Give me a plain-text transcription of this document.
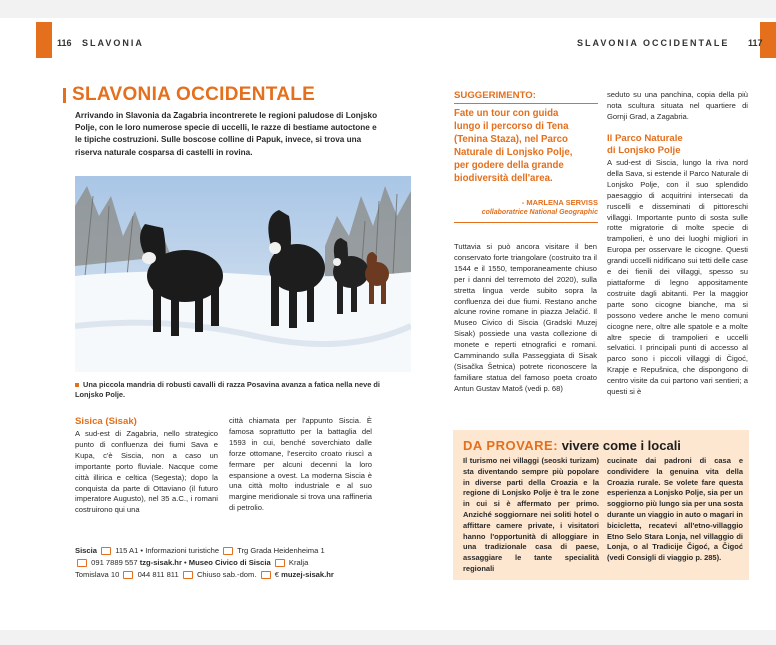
116 SLAVONIA	SLAVONIA OCCIDENTALE 117
SLAVONIA OCCIDENTALE
Arrivando in Slavonia da Zagabria incontrerete le regioni paludose di Lonjsko Polje, con le loro numerose specie di uccelli, le razze di bestiame autoctone e le tipiche costruzioni. Sulle boscose colline di Papuk, invece, si trova una riserva naturale cosparsa di castelli in rovina.
Una piccola mandria di robusti cavalli di razza Posavina avanza a fatica nella neve di Lonjsko Polje.
Sisica (Sisak)
A sud-est di Zagabria, nello strategico punto di confluenza dei fiumi Sava e Kupa, c'è Siscia, non a caso un importante porto fluviale. Nacque come città illirica e celtica (Segesta); dopo la conquista da parte di Ottaviano (il futuro imperatore Augusto), nel 35 a.C., i romani costruirono qui una
città chiamata per l'appunto Siscia. È famosa soprattutto per la battaglia del 1593 in cui, benché soverchiato dalle forze ottomane, l'esercito croato riuscì a fermare per alcuni decenni la loro espansione a ovest. La moderna Siscia è una città molto industriale e al suo margine meridionale si trova una raffineria di petrolio.
Siscia 115 A1 • Informazioni turistiche Trg Grada Heidenheima 1
091 7889 557 tzg-sisak.hr • Museo Civico di Siscia Kralja
Tomislava 10 044 811 811 Chiuso sab.-dom. € muzej-sisak.hr
SUGGERIMENTO:
Fate un tour con guida
lungo il percorso di Tena
(Tenina Staza), nel Parco
Naturale di Lonjsko Polje,
per godere della grande
biodiversità dell'area.
- MARLENA SERVISS
collaboratrice National Geographic
Tuttavia si può ancora visitare il ben conservato forte triangolare (costruito tra il 1544 e il 1550, temporaneamente chiuso per i danni del terremoto del 2020), sulla stretta lingua verde subito sopra la confluenza dei due fiumi. Restano anche alcune rovine romane in piazza Jelačić. Il Museo Civico di Siscia (Gradski Muzej Sisak) possiede una vasta collezione di monete e reperti etnografici e romani. Camminando sulla Passeggiata di Sisak (Sisačka Šetnica) potrete riconoscere la familiare statua del famoso poeta croato Antun Gustav Matoš (vedi p. 68)
seduto su una panchina, copia della più nota scultura situata nel quartiere di Gornji Grad, a Zagabria.
Il Parco Naturale
di Lonjsko Polje
A sud-est di Siscia, lungo la riva nord della Sava, si estende il Parco Naturale di Lonjsko Polje, con il suo splendido paesaggio di acquitrini intersecati da ruscelli e disseminati di pittoreschi villaggi. Importante punto di sosta sulle rotte migratorie di molte specie di trampolieri, è uno dei luoghi migliori in Europa per osservare le cicogne. Questi grandi uccelli nidificano sui tetti delle case e dei fienili dei villaggi, spesso su piattaforme di legno appositamente costruite dagli abitanti. Per la maggior parte sono cicogne bianche, ma si possono vedere anche le meno comuni cicogne nere, oltre alle spatole e a molte altre specie di trampolieri e uccelli selvatici. I principali punti di accesso al parco sono i piccoli villaggi di Čigoć, Krapje e Repušnica, che dispongono di centro visite da cui partono vari sentieri; a questi si è
DA PROVARE: vivere come i locali
Il turismo nei villaggi (seoski turizam) sta diventando sempre più popolare in diverse parti della Croazia e la regione di Lonjsko Polje è tra le zone in cui si è affermato per primo. Anziché soggiornare nei soliti hotel o affittare camere private, i visitatori hanno l'opportunità di alloggiare in una tradizionale casa di paese, assaggiare le tante specialità regionali
cucinate dai padroni di casa e condividere la genuina vita della Croazia rurale. Se volete fare questa esperienza a Lonjsko Polje, sia per un soggiorno più lungo sia per una sosta durante un viaggio in auto o magari in bicicletta, recatevi all'etno-villaggio Etno Selo Stara Lonja, nel villaggio di Lonja, o al Tradicije Čigoć, a Čigoć (vedi Consigli di viaggio p. 285).
